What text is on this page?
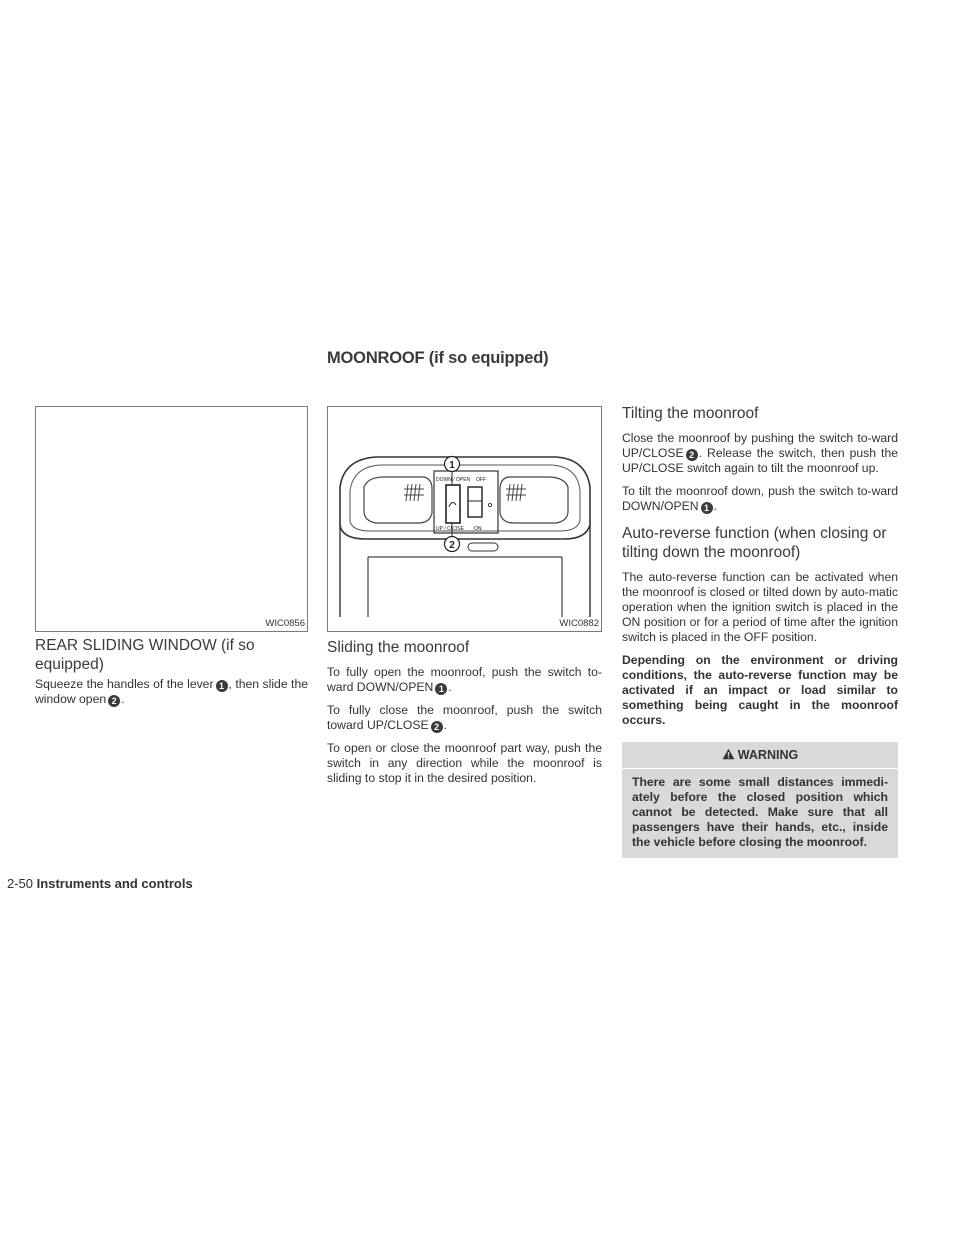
MOONROOF (if so equipped)
WIC0856
REAR SLIDING WINDOW (if so equipped)

Squeeze the handles of the lever 1 , then slide the window open 2 .

DOWN / OPEN OFF
UP / CLOSE ON
1
2
WIC0882
Sliding the moonroof

To fully open the moonroof, push the switch to-ward DOWN/OPEN 1 .

To fully close the moonroof, push the switch toward UP/CLOSE 2 .

To open or close the moonroof part way, push the switch in any direction while the moonroof is sliding to stop it in the desired position.

Tilting the moonroof

Close the moonroof by pushing the switch to-ward UP/CLOSE 2 . Release the switch, then push the UP/CLOSE switch again to tilt the moonroof up.

To tilt the moonroof down, push the switch to-ward DOWN/OPEN 1 .

Auto-reverse function (when closing or tilting down the moonroof)

The auto-reverse function can be activated when the moonroof is closed or tilted down by auto-matic operation when the ignition switch is placed in the ON position or for a period of time after the ignition switch is placed in the OFF position.

Depending on the environment or driving conditions, the auto-reverse function may be activated if an impact or load similar to something being caught in the moonroof occurs.

WARNING

There are some small distances immedi-ately before the closed position which cannot be detected. Make sure that all passengers have their hands, etc., inside the vehicle before closing the moonroof.

2-50 Instruments and controls
